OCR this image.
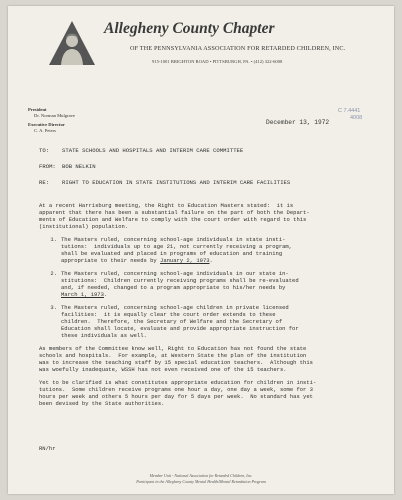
Allegheny County Chapter
OF THE PENNSYLVANIA ASSOCIATION FOR RETARDED CHILDREN, INC.
915-1001 BRIGHTON ROAD • PITTSBURGH, PA. • (412) 322-6008
President
Dr. Norman Mulgrave
Executive Director
C. A. Peters
December 13, 1972
C 7.4441
4008
TO: STATE SCHOOLS AND HOSPITALS AND INTERIM CARE COMMITTEE
FROM: BOB NELKIN
RE: RIGHT TO EDUCATION IN STATE INSTITUTIONS AND INTERIM CARE FACILITIES

At a recent Harrisburg meeting, the Right to Education Masters stated:  it is
apparent that there has been a substantial failure on the part of both the Depart-
ments of Education and Welfare to comply with the court order with regard to this
(institutional) population.

1. The Masters ruled, concerning school-age individuals in state insti-
tutions:  individuals up to age 21, not currently receiving a program,
shall be evaluated and placed in programs of education and training
appropriate to their needs by January 2, 1973.
2. The Masters ruled, concerning school-age individuals in our state in-
stitutions:  Children currently receiving programs shall be re-evaluated
and, if needed, changed to a program appropriate to his/her needs by
March 1, 1973.
3. The Masters ruled, concerning school-age children in private licensed
facilities:  it is equally clear the court order extends to these
children.  Therefore, the Secretary of Welfare and the Secretary of
Education shall locate, evaluate and provide appropriate instruction for
these individuals as well.

As members of the Committee know well, Right to Education has not found the state
schools and hospitals.  For example, at Western State the plan of the institution
was to increase the teaching staff by 15 special education teachers.  Although this
was woefully inadequate, WSSH has not even received one of the 15 teachers.

Yet to be clarified is what constitutes appropriate education for children in insti-
tutions.  Some children receive programs one hour a day, one day a week, some for 3
hours per week and others 5 hours per day for 5 days per week.  No standard has yet
been devised by the State authorities.

RN/hr
Member Unit - National Association for Retarded Children, Inc.
Participant in the Allegheny County Mental Health/Mental Retardation Program
